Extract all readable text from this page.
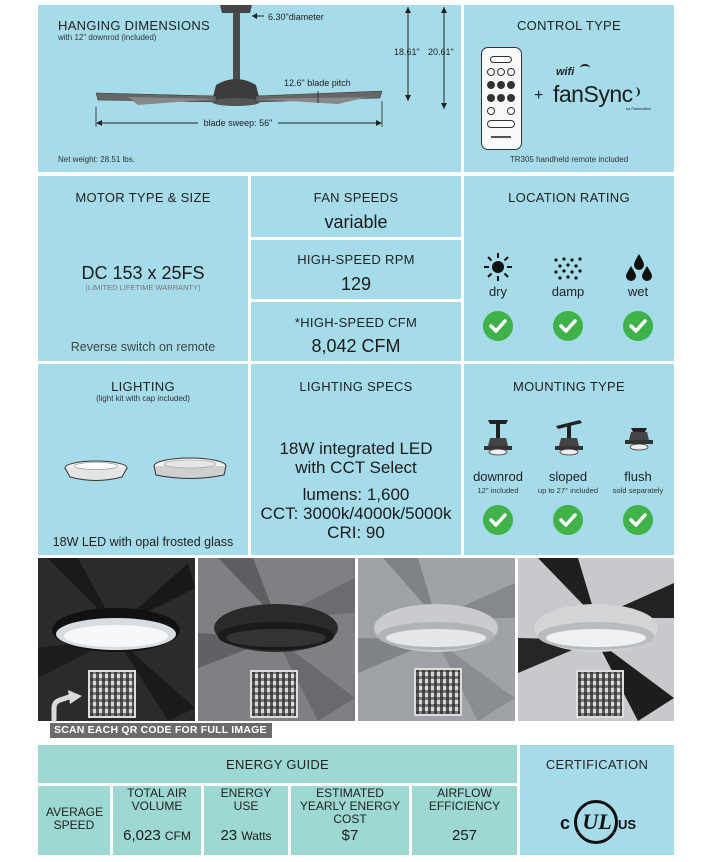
HANGING DIMENSIONS
with 12" downrod (included)
6.30"diameter
18.61" 20.61"
12.6" blade pitch
blade sweep: 56"
Net weight: 28.51 lbs.
CONTROL TYPE
+
wifi
fanSync
by Fanimation
TR305 handheld remote included
MOTOR TYPE & SIZE
DC 153 x 25FS
(LIMITED LIFETIME WARRANTY)
Reverse switch on remote
FAN SPEEDS
variable
HIGH-SPEED RPM
129
*HIGH-SPEED CFM
8,042 CFM
LOCATION RATING
dry	damp	wet
LIGHTING
(light kit with cap included)
18W LED with opal frosted glass
LIGHTING SPECS
18W integrated LED
with CCT Select
lumens: 1,600
CCT: 3000k/4000k/5000k
CRI: 90
MOUNTING TYPE
downrod	sloped	flush
12" included	up to 27° included	sold separately
SCAN EACH QR CODE FOR FULL IMAGE
ENERGY GUIDE
AVERAGE SPEED
TOTAL AIR VOLUME
6,023 CFM
ENERGY USE
23 Watts
ESTIMATED YEARLY ENERGY COST
$7
AIRFLOW EFFICIENCY
257
CERTIFICATION
c UL US
